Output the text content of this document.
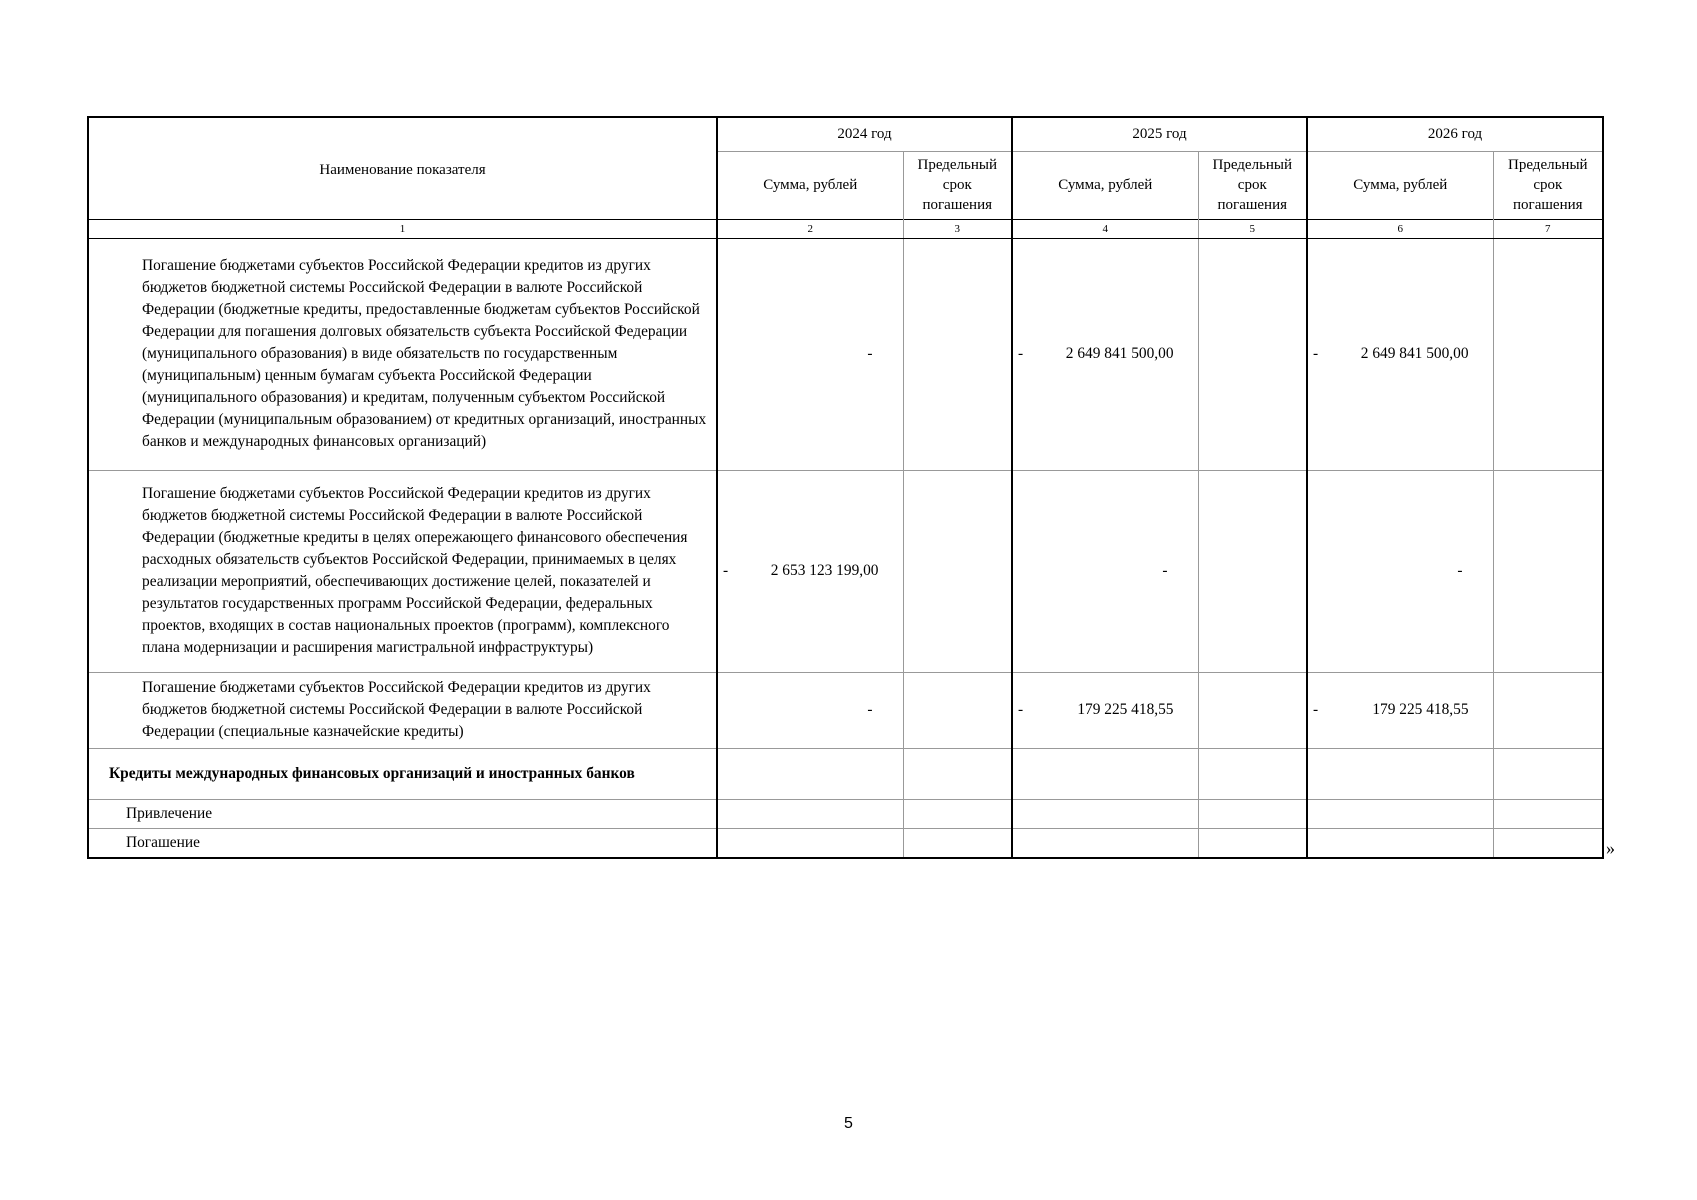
Наименование показателя	2024 год		2025 год		2026 год	
	Сумма, рублей	Предельный
срок
погашения	Сумма, рублей	Предельный
срок
погашения	Сумма, рублей	Предельный
срок
погашения
1	2	3	4	5	6	7
Погашение бюджетами субъектов Российской Федерации кредитов из других бюджетов бюджетной системы Российской Федерации в валюте Российской Федерации (бюджетные кредиты, предоставленные бюджетам субъектов Российской Федерации для погашения долговых обязательств субъекта Российской Федерации (муниципального образования) в виде обязательств по государственным (муниципальным) ценным бумагам субъекта Российской Федерации (муниципального образования) и кредитам, полученным субъектом Российской Федерации (муниципальным образованием) от кредитных организаций, иностранных банков и международных финансовых организаций)	-		- 2 649 841 500,00		- 2 649 841 500,00	
Погашение бюджетами субъектов Российской Федерации кредитов из других бюджетов бюджетной системы Российской Федерации в валюте Российской Федерации (бюджетные кредиты в целях опережающего финансового обеспечения расходных обязательств субъектов Российской Федерации, принимаемых в целях реализации мероприятий, обеспечивающих достижение целей, показателей и результатов государственных программ Российской Федерации, федеральных проектов, входящих в состав национальных проектов (программ), комплексного плана модернизации и расширения магистральной инфраструктуры)	- 2 653 123 199,00		-		-	
Погашение бюджетами субъектов Российской Федерации кредитов из других бюджетов бюджетной системы Российской Федерации в валюте Российской Федерации (специальные казначейские кредиты)	-		- 179 225 418,55		- 179 225 418,55	
Кредиты международных финансовых организаций и иностранных банков						
Привлечение						
Погашение							»
5
